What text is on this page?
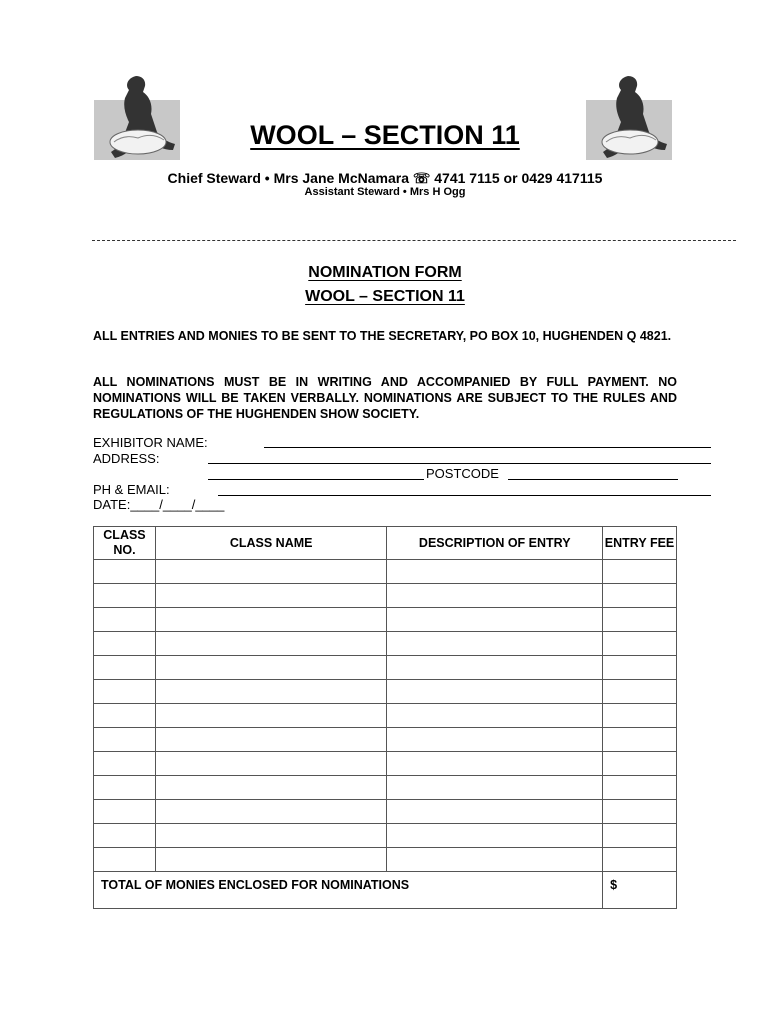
WOOL – SECTION 11
Chief Steward • Mrs Jane McNamara ☏ 4741 7115 or 0429 417115
Assistant Steward • Mrs H Ogg
NOMINATION FORM
WOOL – SECTION 11
ALL ENTRIES AND MONIES TO BE SENT TO THE SECRETARY, PO BOX 10, HUGHENDEN Q 4821.
ALL NOMINATIONS MUST BE IN WRITING AND ACCOMPANIED BY FULL PAYMENT. NO NOMINATIONS WILL BE TAKEN VERBALLY. NOMINATIONS ARE SUBJECT TO THE RULES AND REGULATIONS OF THE HUGHENDEN SHOW SOCIETY.
EXHIBITOR NAME:
ADDRESS:
POSTCODE
PH & EMAIL:
DATE:____/____/____
CLASS NO.	CLASS NAME	DESCRIPTION OF ENTRY	ENTRY FEE

TOTAL OF MONIES ENCLOSED FOR NOMINATIONS			$
